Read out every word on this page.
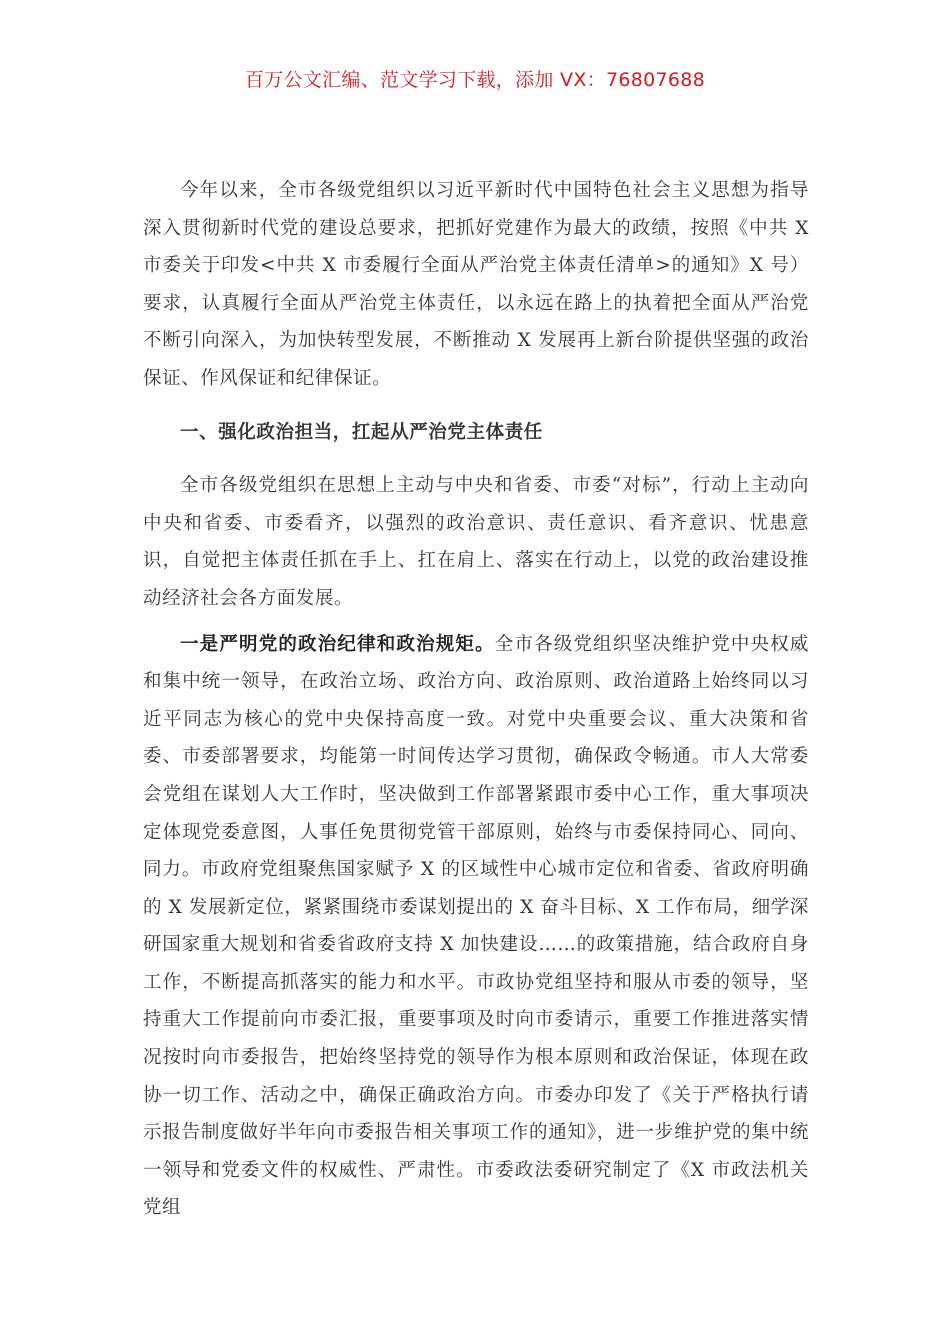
百万公文汇编、范文学习下载，添加 VX：76807688

今年以来，全市各级党组织以习近平新时代中国特色社会主义思想为指导深入贯彻新时代党的建设总要求，把抓好党建作为最大的政绩，按照《中共 X 市委关于印发<中共 X 市委履行全面从严治党主体责任清单>的通知》X 号）要求，认真履行全面从严治党主体责任，以永远在路上的执着把全面从严治党不断引向深入，为加快转型发展，不断推动 X 发展再上新台阶提供坚强的政治保证、作风保证和纪律保证。

一、强化政治担当，扛起从严治党主体责任

全市各级党组织在思想上主动与中央和省委、市委“对标”，行动上主动向中央和省委、市委看齐，以强烈的政治意识、责任意识、看齐意识、忧患意识，自觉把主体责任抓在手上、扛在肩上、落实在行动上，以党的政治建设推动经济社会各方面发展。

一是严明党的政治纪律和政治规矩。全市各级党组织坚决维护党中央权威和集中统一领导，在政治立场、政治方向、政治原则、政治道路上始终同以习近平同志为核心的党中央保持高度一致。对党中央重要会议、重大决策和省委、市委部署要求，均能第一时间传达学习贯彻，确保政令畅通。市人大常委会党组在谋划人大工作时，坚决做到工作部署紧跟市委中心工作，重大事项决定体现党委意图，人事任免贯彻党管干部原则，始终与市委保持同心、同向、同力。市政府党组聚焦国家赋予 X 的区域性中心城市定位和省委、省政府明确的 X 发展新定位，紧紧围绕市委谋划提出的 X 奋斗目标、X 工作布局，细学深研国家重大规划和省委省政府支持 X 加快建设……的政策措施，结合政府自身工作，不断提高抓落实的能力和水平。市政协党组坚持和服从市委的领导，坚持重大工作提前向市委汇报，重要事项及时向市委请示，重要工作推进落实情况按时向市委报告，把始终坚持党的领导作为根本原则和政治保证，体现在政协一切工作、活动之中，确保正确政治方向。市委办印发了《关于严格执行请示报告制度做好半年向市委报告相关事项工作的通知》，进一步维护党的集中统一领导和党委文件的权威性、严肃性。市委政法委研究制定了《X 市政法机关党组
